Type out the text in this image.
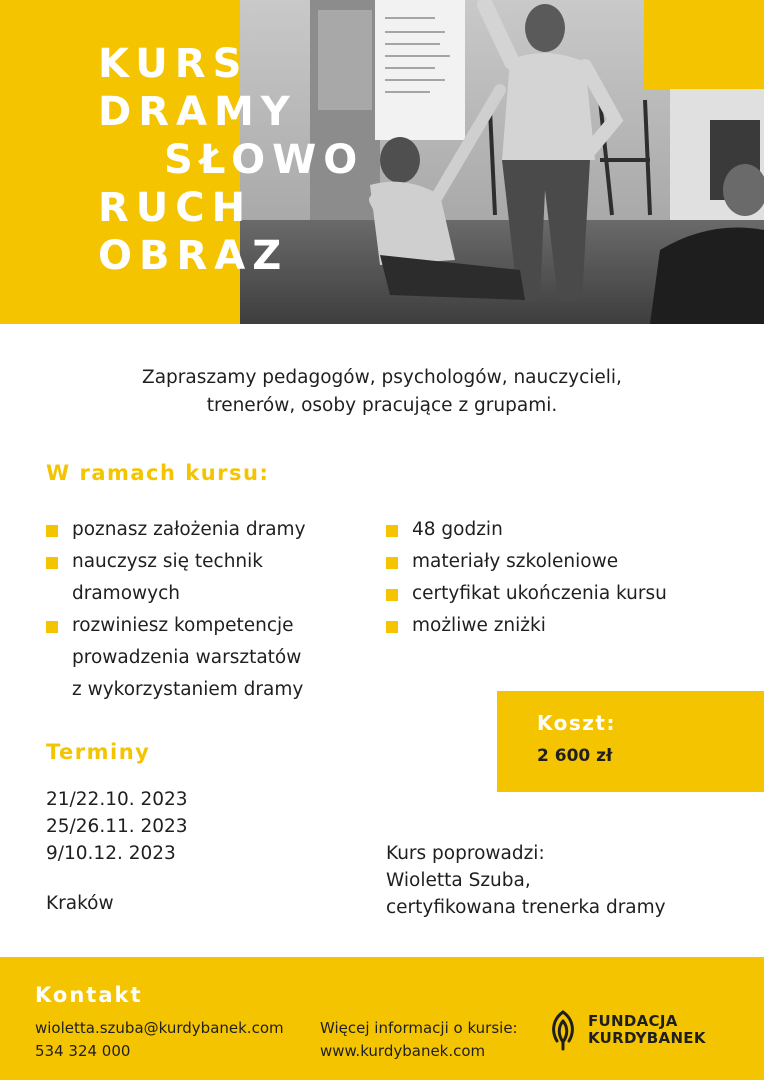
KURS
DRAMY
SŁOWO
RUCH
OBRAZ
Zapraszamy pedagogów, psychologów, nauczycieli,
trenerów, osoby pracujące z grupami.
W ramach kursu:
poznasz założenia dramy
nauczysz się technik
dramowych
rozwiniesz kompetencje
prowadzenia warsztatów
z wykorzystaniem dramy
48 godzin
materiały szkoleniowe
certyfikat ukończenia kursu
możliwe zniżki
Terminy
21/22.10. 2023
25/26.11. 2023
9/10.12. 2023
Kraków
Koszt:
2 600 zł
Kurs poprowadzi:
Wioletta Szuba,
certyfikowana trenerka dramy
Kontakt
wioletta.szuba@kurdybanek.com
534 324 000
Więcej informacji o kursie:
www.kurdybanek.com
FUNDACJA
KURDYBANEK
